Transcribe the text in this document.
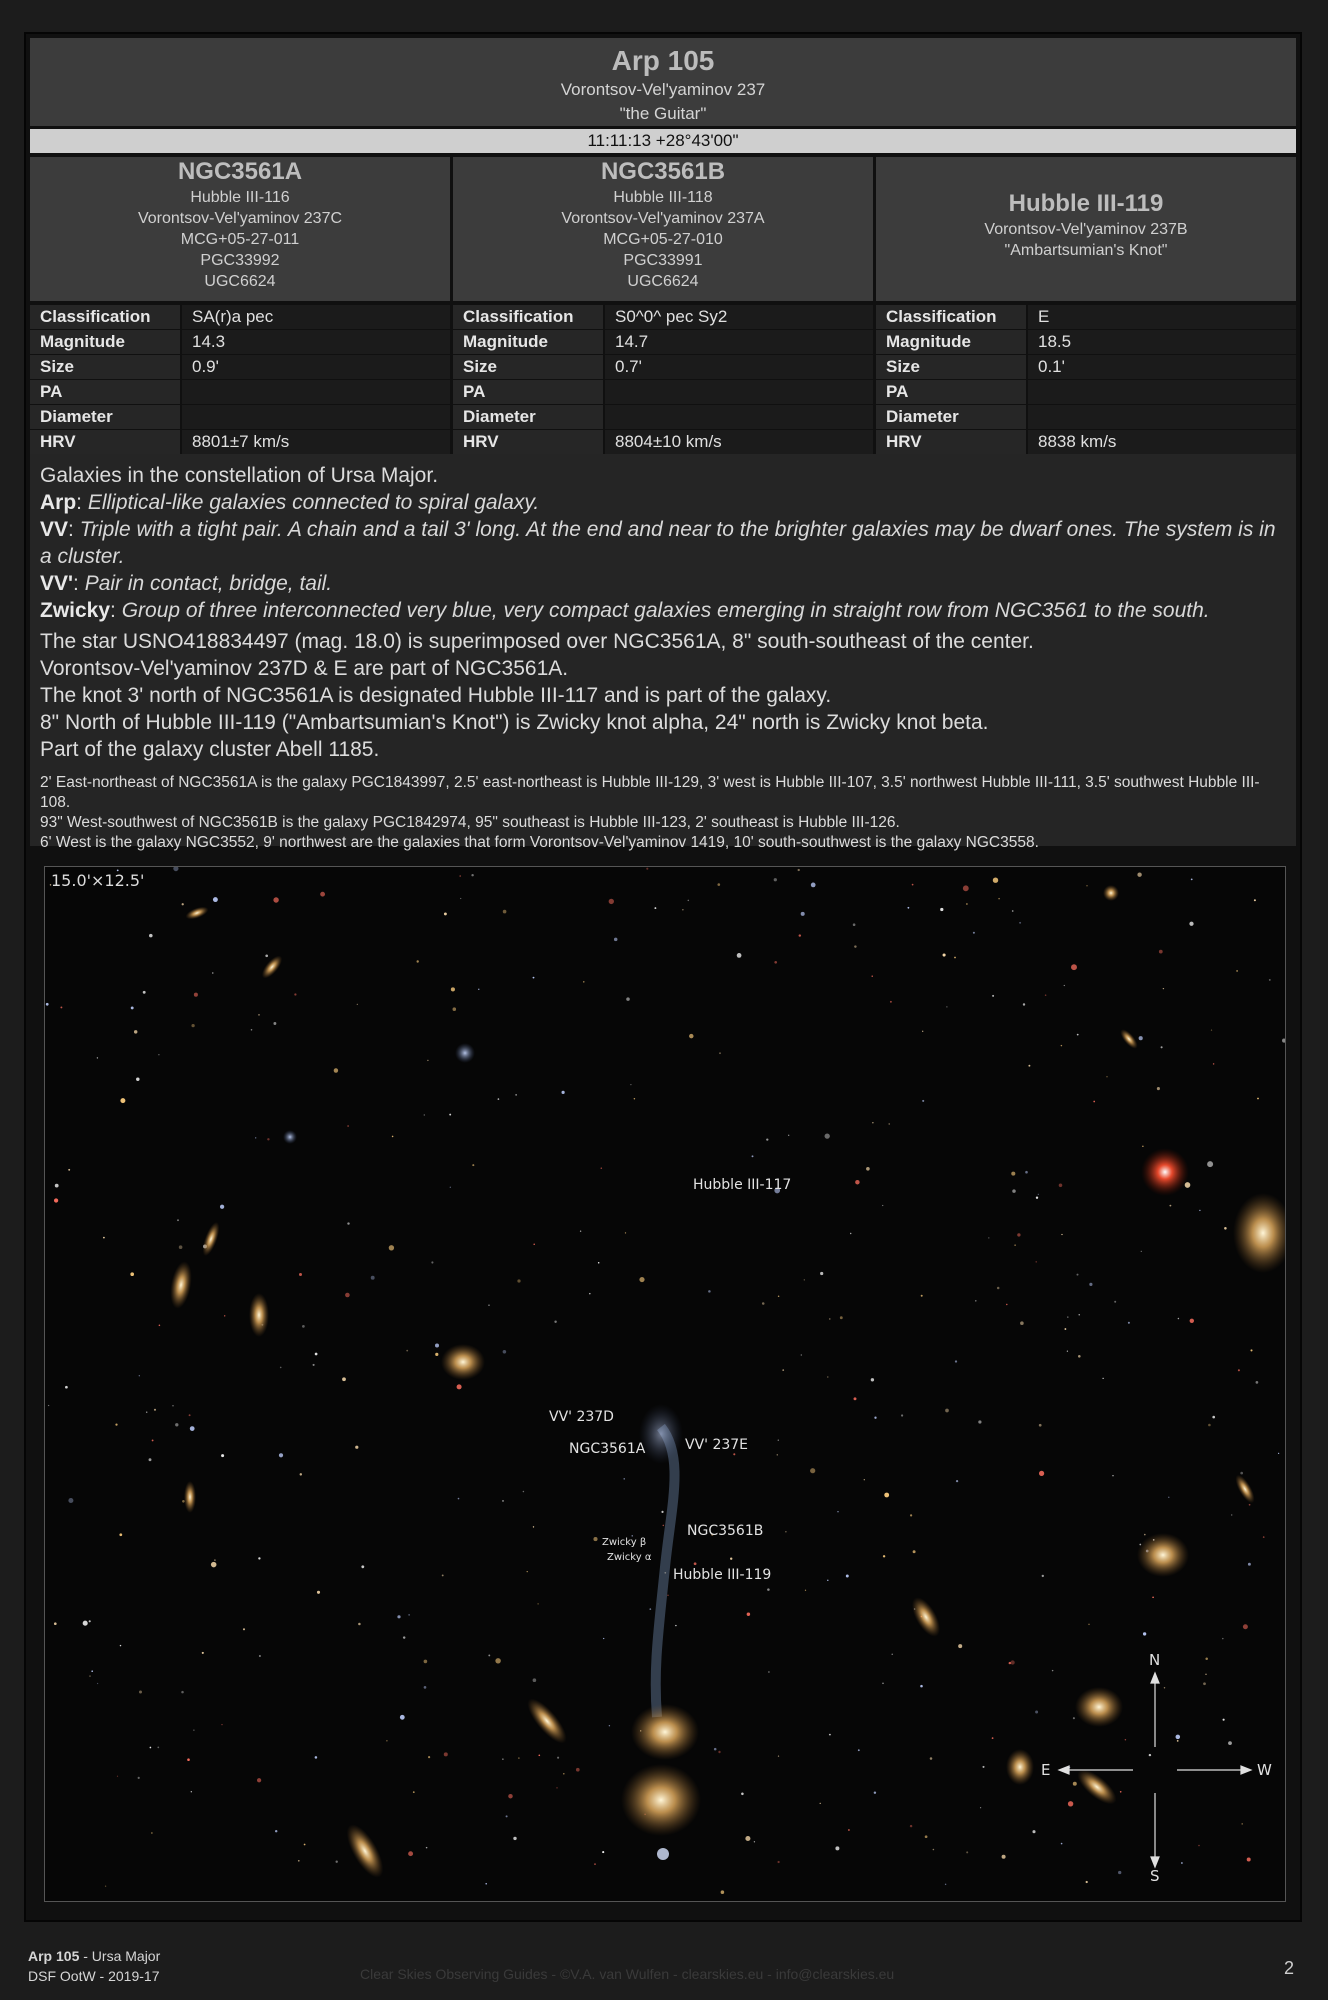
Arp 105
Vorontsov-Vel'yaminov 237
"the Guitar"
11:11:13 +28°43'00"
NGC3561A
Hubble III-116
Vorontsov-Vel'yaminov 237C
MCG+05-27-011
PGC33992
UGC6624
NGC3561B
Hubble III-118
Vorontsov-Vel'yaminov 237A
MCG+05-27-010
PGC33991
UGC6624
Hubble III-119
Vorontsov-Vel'yaminov 237B
"Ambartsumian's Knot"
Classification	SA(r)a pec
Magnitude	14.3
Size	0.9'
PA
Diameter
HRV	8801±7 km/s
Classification	S0^0^ pec Sy2
Magnitude	14.7
Size	0.7'
PA
Diameter
HRV	8804±10 km/s
Classification	E
Magnitude	18.5
Size	0.1'
PA
Diameter
HRV	8838 km/s
Galaxies in the constellation of Ursa Major.
Arp: Elliptical-like galaxies connected to spiral galaxy.
VV: Triple with a tight pair. A chain and a tail 3' long. At the end and near to the brighter galaxies may be dwarf ones. The system is in a cluster.
VV': Pair in contact, bridge, tail.
Zwicky: Group of three interconnected very blue, very compact galaxies emerging in straight row from NGC3561 to the south.
The star USNO418834497 (mag. 18.0) is superimposed over NGC3561A, 8" south-southeast of the center.
Vorontsov-Vel'yaminov 237D & E are part of NGC3561A.
The knot 3' north of NGC3561A is designated Hubble III-117 and is part of the galaxy.
8" North of Hubble III-119 ("Ambartsumian's Knot") is Zwicky knot alpha, 24" north is Zwicky knot beta.
Part of the galaxy cluster Abell 1185.
2' East-northeast of NGC3561A is the galaxy PGC1843997, 2.5' east-northeast is Hubble III-129, 3' west is Hubble III-107, 3.5' northwest Hubble III-111, 3.5' southwest Hubble III-108.
93" West-southwest of NGC3561B is the galaxy PGC1842974, 95" southeast is Hubble III-123, 2' southeast is Hubble III-126.
6' West is the galaxy NGC3552, 9' northwest are the galaxies that form Vorontsov-Vel'yaminov 1419, 10' south-southwest is the galaxy NGC3558.
15.0'×12.5'
Hubble III-117
VV' 237D
NGC3561A	VV' 237E
NGC3561B
Zwicky β
Zwicky α
Hubble III-119
N
E	W
S
Arp 105 - Ursa Major
DSF OotW - 2019-17	Clear Skies Observing Guides - ©V.A. van Wulfen - clearskies.eu - info@clearskies.eu	2
